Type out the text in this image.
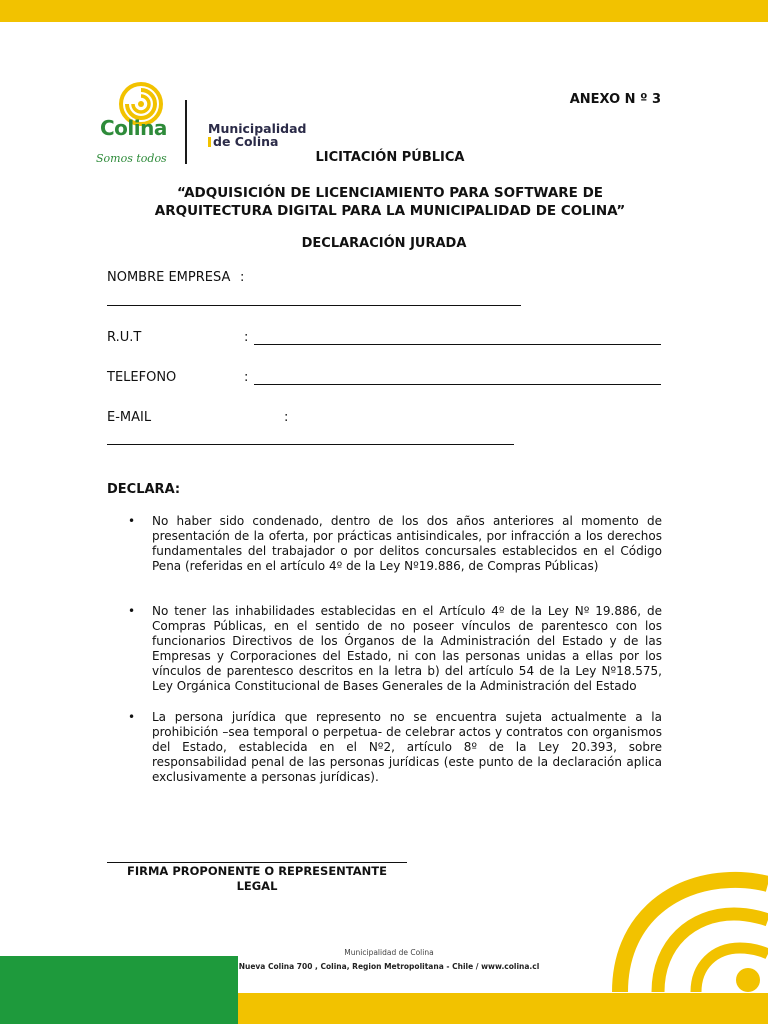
Colina
Somos todos
Municipalidad
de Colina
ANEXO N º 3
LICITACIÓN PÚBLICA
“ADQUISICIÓN DE LICENCIAMIENTO PARA SOFTWARE DE
ARQUITECTURA DIGITAL PARA LA MUNICIPALIDAD DE COLINA”
DECLARACIÓN JURADA
NOMBRE EMPRESA :
R.U.T	:
TELEFONO	:
E-MAIL	:
DECLARA:
• No haber sido condenado, dentro de los dos años anteriores al momento de presentación de la oferta, por prácticas antisindicales, por infracción a los derechos fundamentales del trabajador o por delitos concursales establecidos en el Código Pena (referidas en el artículo 4º de la Ley Nº19.886, de Compras Públicas)
• No tener las inhabilidades establecidas en el Artículo 4º de la Ley Nº 19.886, de Compras Públicas, en el sentido de no poseer vínculos de parentesco con los funcionarios Directivos de los Órganos de la Administración del Estado y de las Empresas y Corporaciones del Estado, ni con las personas unidas a ellas por los vínculos de parentesco descritos en la letra b) del artículo 54 de la Ley Nº18.575, Ley Orgánica Constitucional de Bases Generales de la Administración del Estado
• La persona jurídica que represento no se encuentra sujeta actualmente a la prohibición –sea temporal o perpetua- de celebrar actos y contratos con organismos del Estado, establecida en el Nº2, artículo 8º de la Ley 20.393, sobre responsabilidad penal de las personas jurídicas (este punto de la declaración aplica exclusivamente a personas jurídicas).
FIRMA PROPONENTE O REPRESENTANTE
LEGAL
Municipalidad de Colina
Nueva Colina 700 , Colina, Region Metropolitana - Chile / www.colina.cl
